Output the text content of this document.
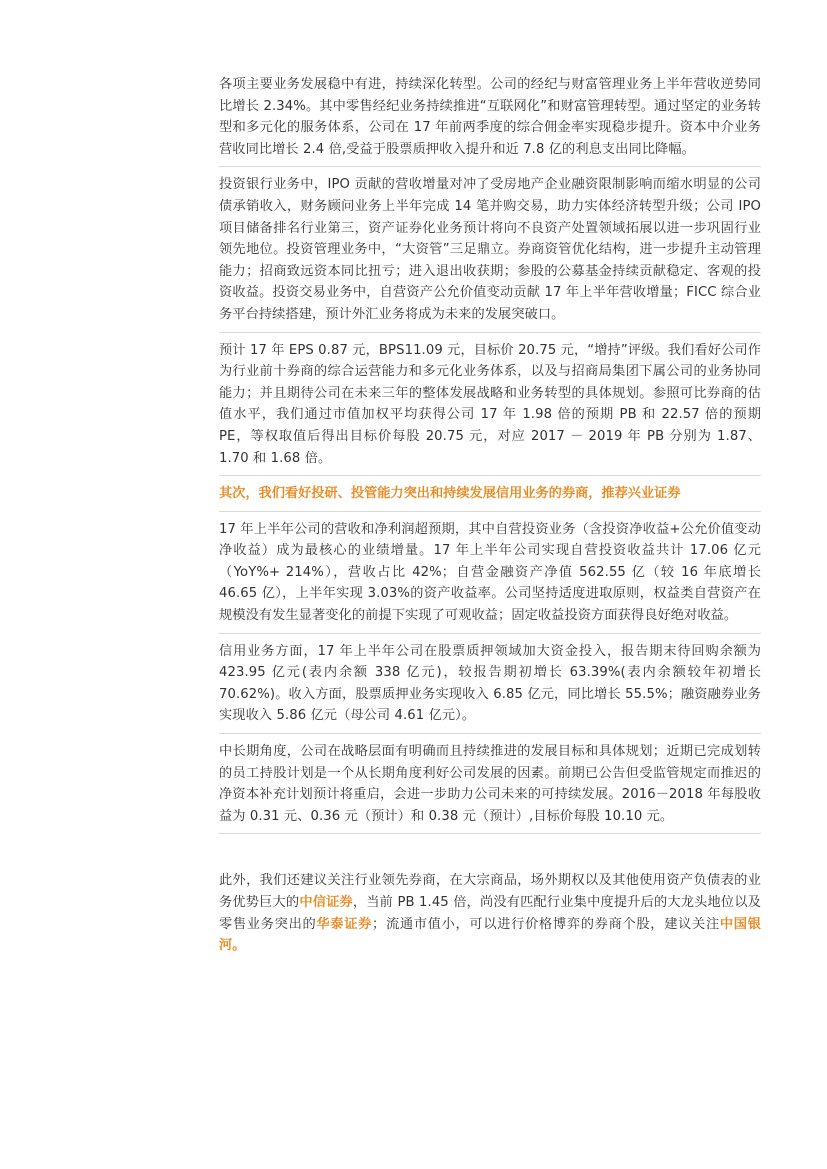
各项主要业务发展稳中有进，持续深化转型。公司的经纪与财富管理业务上半年营收逆势同比增长 2.34%。其中零售经纪业务持续推进“互联网化”和财富管理转型。通过坚定的业务转型和多元化的服务体系，公司在 17 年前两季度的综合佣金率实现稳步提升。资本中介业务营收同比增长 2.4 倍,受益于股票质押收入提升和近 7.8 亿的利息支出同比降幅。
投资银行业务中，IPO 贡献的营收增量对冲了受房地产企业融资限制影响而缩水明显的公司债承销收入，财务顾问业务上半年完成 14 笔并购交易，助力实体经济转型升级；公司 IPO 项目储备排名行业第三，资产证券化业务预计将向不良资产处置领域拓展以进一步巩固行业领先地位。投资管理业务中，“大资管”三足鼎立。券商资管优化结构，进一步提升主动管理能力；招商致远资本同比扭亏；进入退出收获期；参股的公募基金持续贡献稳定、客观的投资收益。投资交易业务中，自营资产公允价值变动贡献 17 年上半年营收增量；FICC 综合业务平台持续搭建，预计外汇业务将成为未来的发展突破口。
预计 17 年 EPS 0.87 元，BPS11.09 元，目标价 20.75 元，“增持”评级。我们看好公司作为行业前十券商的综合运营能力和多元化业务体系，以及与招商局集团下属公司的业务协同能力；并且期待公司在未来三年的整体发展战略和业务转型的具体规划。参照可比券商的估值水平，我们通过市值加权平均获得公司 17 年 1.98 倍的预期 PB 和 22.57 倍的预期 PE，等权取值后得出目标价每股 20.75 元，对应 2017 － 2019 年 PB 分别为 1.87、1.70 和 1.68 倍。
其次，我们看好投研、投管能力突出和持续发展信用业务的券商，推荐兴业证券
17 年上半年公司的营收和净利润超预期，其中自营投资业务（含投资净收益+公允价值变动净收益）成为最核心的业绩增量。17 年上半年公司实现自营投资收益共计 17.06 亿元（YoY%+ 214%），营收占比 42%；自营金融资产净值 562.55 亿（较 16 年底増长 46.65 亿），上半年实现 3.03%的资产收益率。公司坚持适度进取原则，权益类自营资产在规模没有发生显著变化的前提下实现了可观收益；固定收益投资方面获得良好绝对收益。
信用业务方面，17 年上半年公司在股票质押领域加大资金投入，报告期末待回购余额为 423.95 亿元(表内余额 338 亿元)，较报告期初増长 63.39%(表内余额较年初增长 70.62%)。收入方面，股票质押业务实现收入 6.85 亿元，同比增长 55.5%；融资融券业务实现收入 5.86 亿元（母公司 4.61 亿元）。
中长期角度，公司在战略层面有明确而且持续推进的发展目标和具体规划；近期已完成划转的员工持股计划是一个从长期角度利好公司发展的因素。前期已公告但受监管规定而推迟的净资本补充计划预计将重启，会进一步助力公司未来的可持续发展。2016－2018 年每股收益为 0.31 元、0.36 元（预计）和 0.38 元（预计）,目标价每股 10.10 元。
此外，我们还建议关注行业领先券商，在大宗商品，场外期权以及其他使用资产负债表的业务优势巨大的中信证券，当前 PB 1.45 倍，尚没有匹配行业集中度提升后的大龙头地位以及零售业务突出的华泰证券；流通市值小，可以进行价格博弈的券商个股，建议关注中国银河。
